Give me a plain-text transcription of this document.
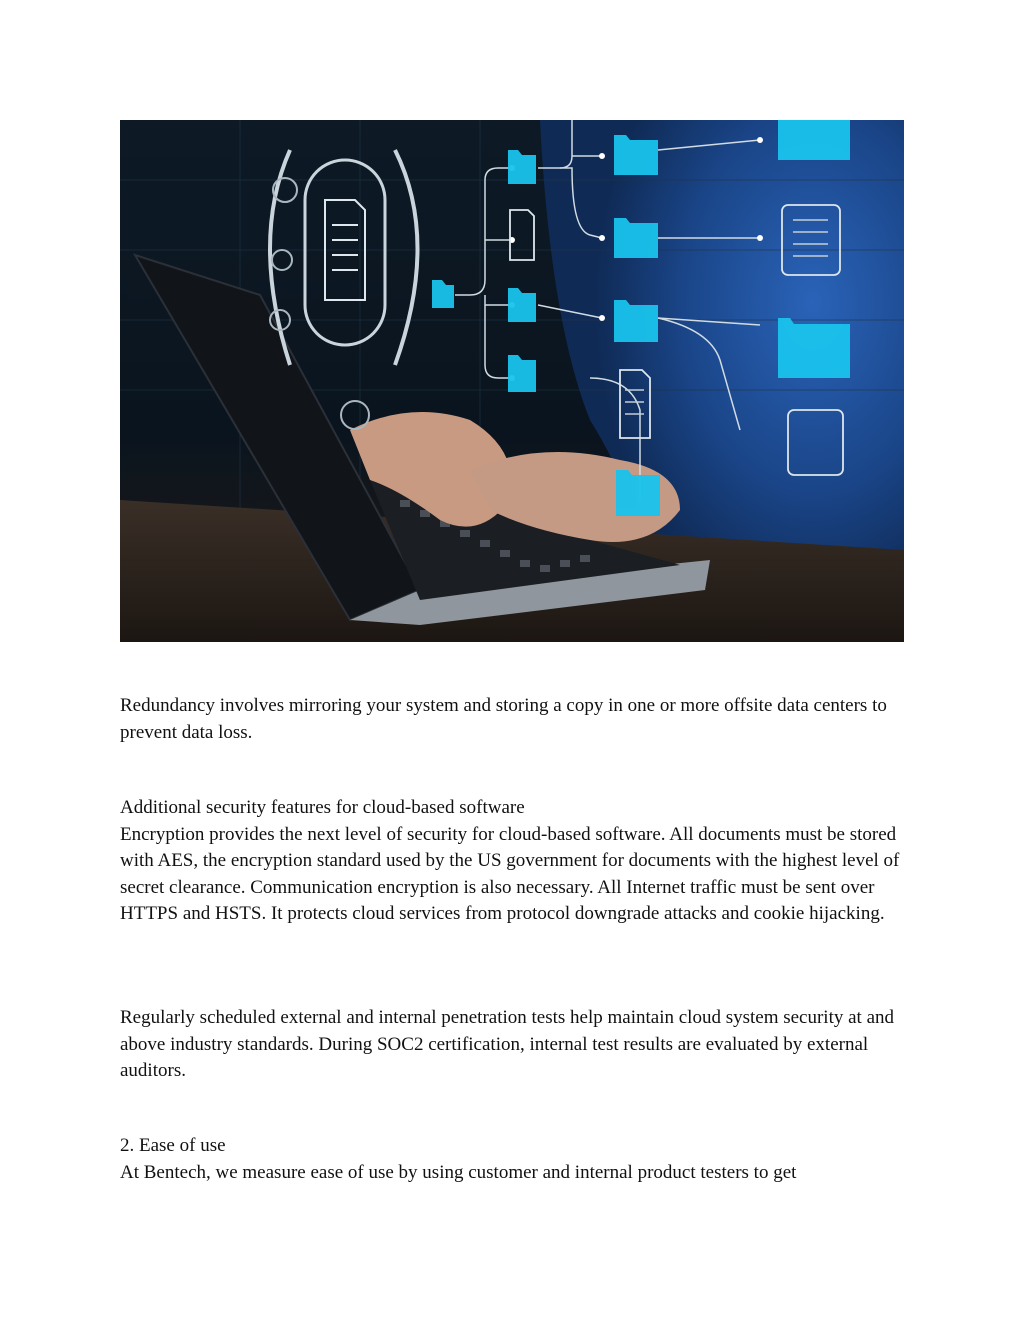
Redundancy involves mirroring your system and storing a copy in one or more offsite data centers to prevent data loss.

Additional security features for cloud-based software

Encryption provides the next level of security for cloud-based software. All documents must be stored with AES, the encryption standard used by the US government for documents with the highest level of secret clearance. Communication encryption is also necessary. All Internet traffic must be sent over HTTPS and HSTS. It protects cloud services from protocol downgrade attacks and cookie hijacking.

Regularly scheduled external and internal penetration tests help maintain cloud system security at and above industry standards. During SOC2 certification, internal test results are evaluated by external auditors.

2. Ease of use

At Bentech, we measure ease of use by using customer and internal product testers to get
